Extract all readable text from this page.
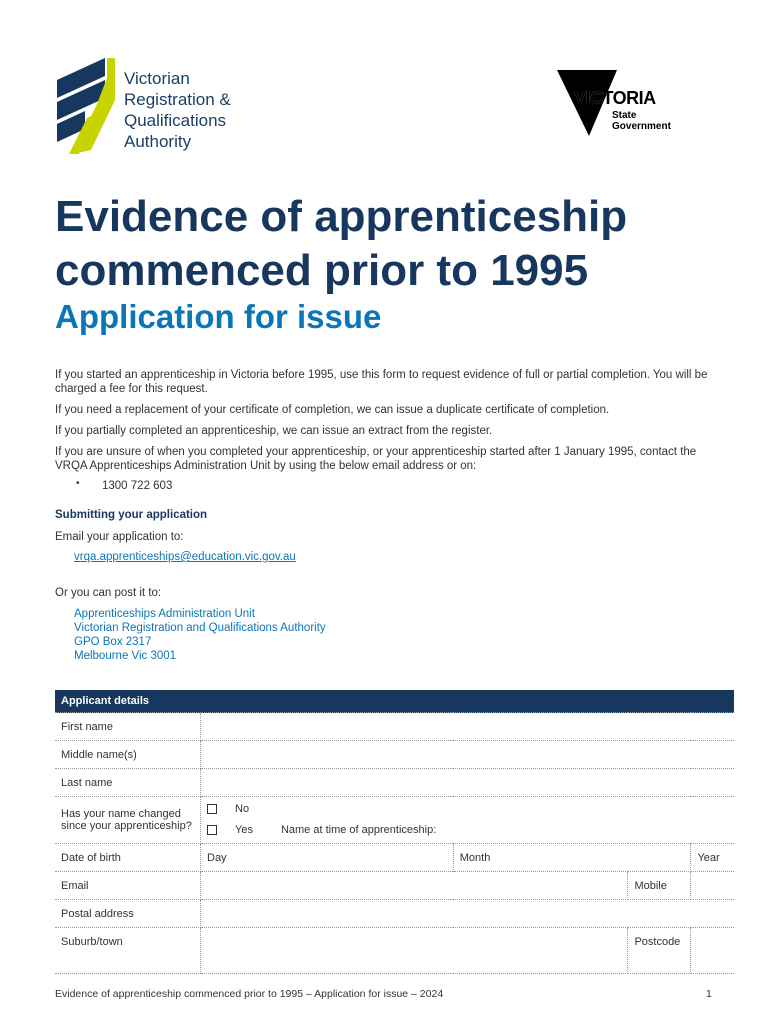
Victorian
Registration &
Qualifications
Authority
VICTORIA
State
Government
Evidence of apprenticeship
commenced prior to 1995
Application for issue
If you started an apprenticeship in Victoria before 1995, use this form to request evidence of full or partial completion. You will be charged a fee for this request.
If you need a replacement of your certificate of completion, we can issue a duplicate certificate of completion.
If you partially completed an apprenticeship, we can issue an extract from the register.
If you are unsure of when you completed your apprenticeship, or your apprenticeship started after 1 January 1995, contact the VRQA Apprenticeships Administration Unit by using the below email address or on:
• 1300 722 603
Submitting your application
Email your application to:
vrqa.apprenticeships@education.vic.gov.au
Or you can post it to:
Apprenticeships Administration Unit
Victorian Registration and Qualifications Authority
GPO Box 2317
Melbourne Vic 3001
Applicant details				
First name				
Middle name(s)				
Last name				
Has your name changed since your apprenticeship?	No
Yes Name at time of apprenticeship:			

Date of birth	Day	Month		Year
Email			Mobile	
Postal address				
Suburb/town			Postcode	
Evidence of apprenticeship commenced prior to 1995 – Application for issue – 2024	1
